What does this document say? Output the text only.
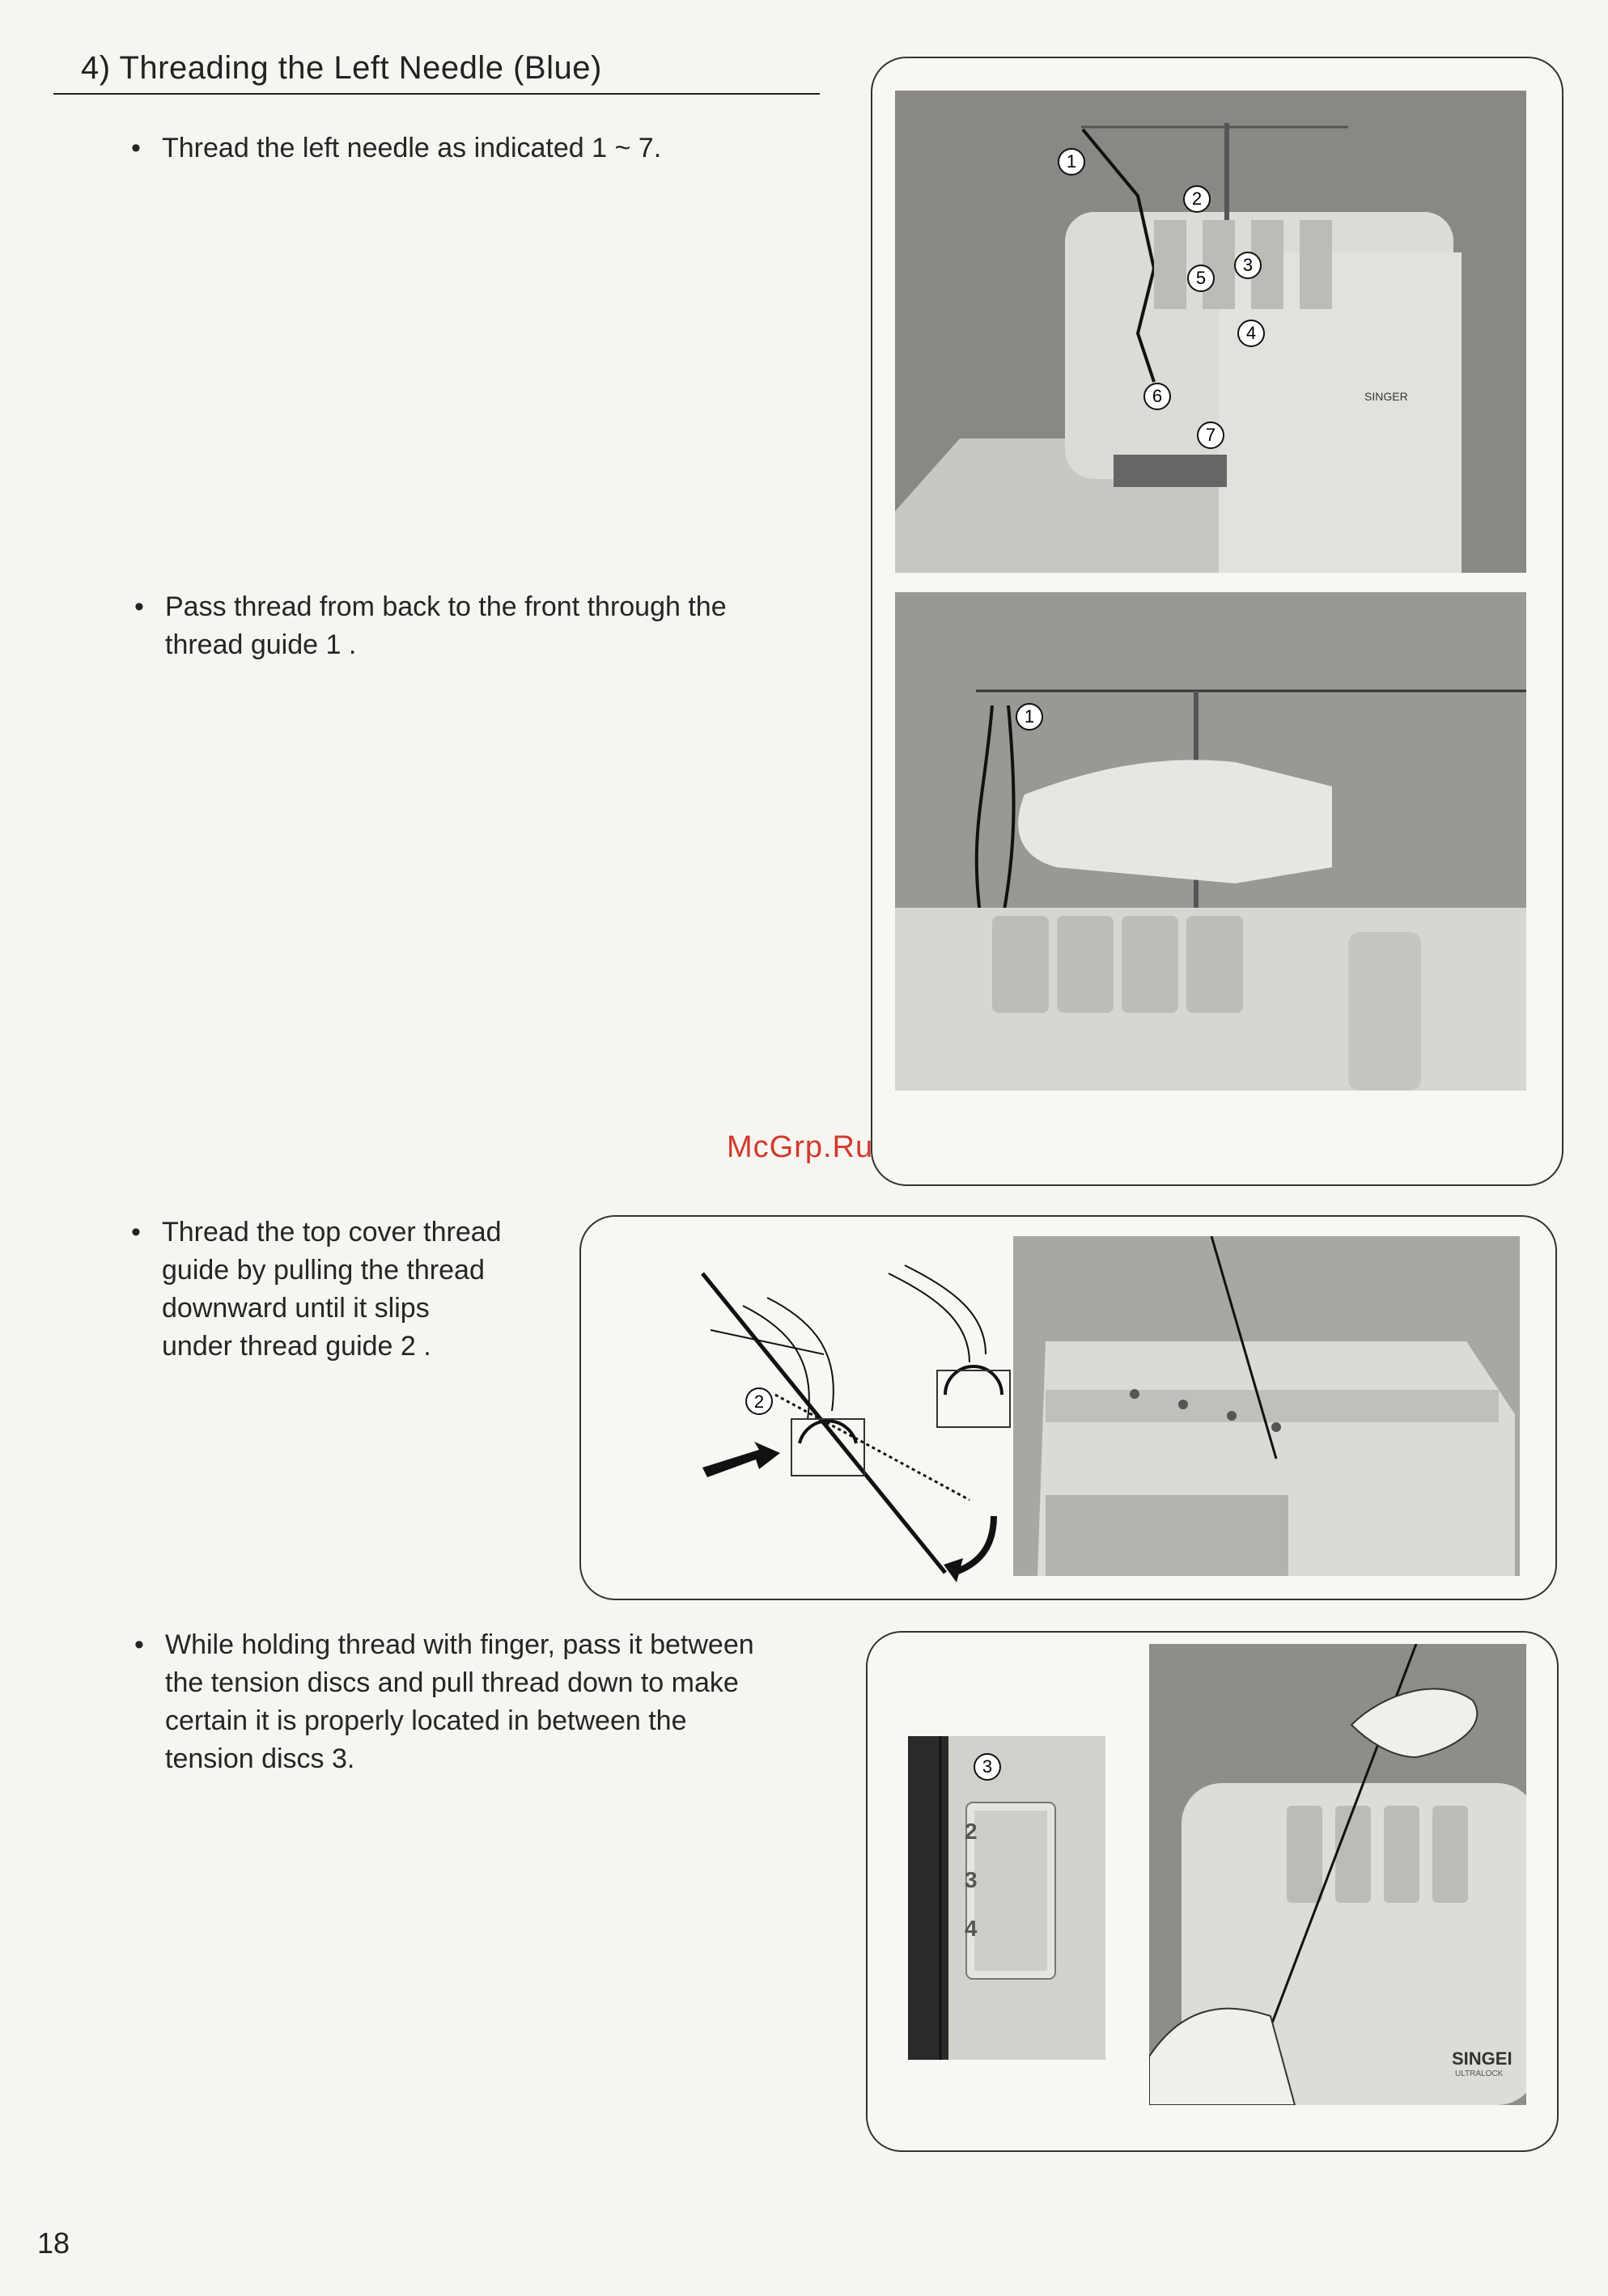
4) Threading the Left Needle (Blue)
• Thread the left needle as indicated 1 ~ 7.
• Pass thread from back to the front through the
thread guide 1 .
• Thread the top cover thread
guide by pulling the thread
downward until it slips
under thread guide 2 .
• While holding thread with finger, pass it between
the tension discs and pull thread down to make
certain it is properly located in between the
tension discs 3.
1
2
3
4
5
6
7
SINGER
1
McGrp.Ru
2
3
2
3
4
SINGEI
ULTRALOCK
18
